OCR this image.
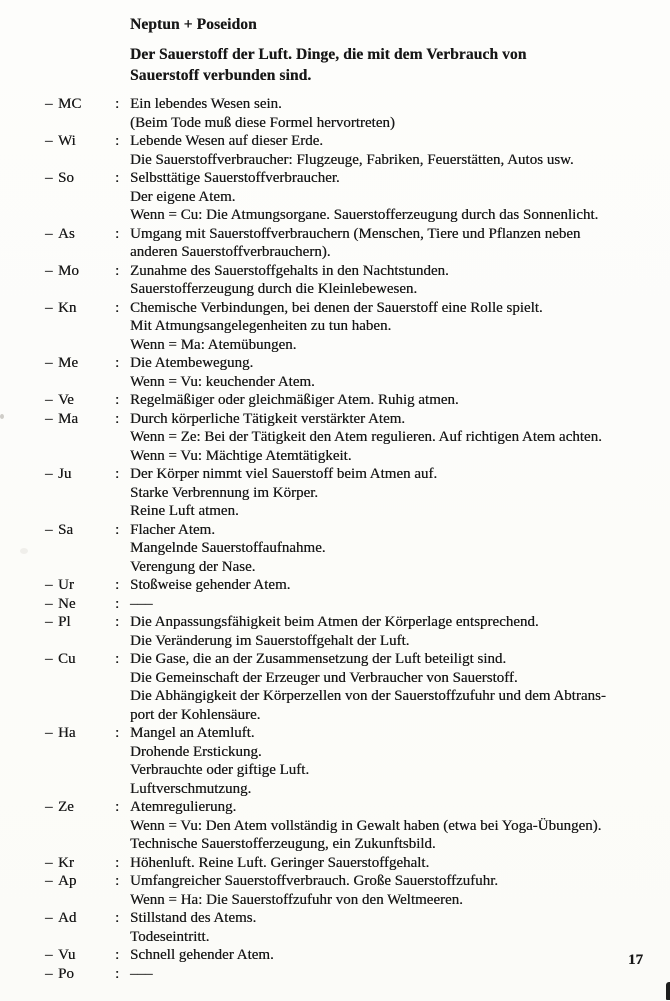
Neptun + Poseidon
Der Sauerstoff der Luft. Dinge, die mit dem Verbrauch von
Sauerstoff verbunden sind.
– MC	: Ein lebendes Wesen sein.
(Beim Tode muß diese Formel hervortreten)
– Wi	: Lebende Wesen auf dieser Erde.
Die Sauerstoffverbraucher: Flugzeuge, Fabriken, Feuerstätten, Autos usw.
– So	: Selbsttätige Sauerstoffverbraucher.
Der eigene Atem.
Wenn = Cu: Die Atmungsorgane. Sauerstofferzeugung durch das Sonnenlicht.
– As	: Umgang mit Sauerstoffverbrauchern (Menschen, Tiere und Pflanzen neben
anderen Sauerstoffverbrauchern).
– Mo	: Zunahme des Sauerstoffgehalts in den Nachtstunden.
Sauerstofferzeugung durch die Kleinlebewesen.
– Kn	: Chemische Verbindungen, bei denen der Sauerstoff eine Rolle spielt.
Mit Atmungsangelegenheiten zu tun haben.
Wenn = Ma: Atemübungen.
– Me	: Die Atembewegung.
Wenn = Vu: keuchender Atem.
– Ve	: Regelmäßiger oder gleichmäßiger Atem. Ruhig atmen.
– Ma	: Durch körperliche Tätigkeit verstärkter Atem.
Wenn = Ze: Bei der Tätigkeit den Atem regulieren. Auf richtigen Atem achten.
Wenn = Vu: Mächtige Atemtätigkeit.
– Ju	: Der Körper nimmt viel Sauerstoff beim Atmen auf.
Starke Verbrennung im Körper.
Reine Luft atmen.
– Sa	: Flacher Atem.
Mangelnde Sauerstoffaufnahme.
Verengung der Nase.
– Ur	: Stoßweise gehender Atem.
– Ne	: –––
– Pl	: Die Anpassungsfähigkeit beim Atmen der Körperlage entsprechend.
Die Veränderung im Sauerstoffgehalt der Luft.
– Cu	: Die Gase, die an der Zusammensetzung der Luft beteiligt sind.
Die Gemeinschaft der Erzeuger und Verbraucher von Sauerstoff.
Die Abhängigkeit der Körperzellen von der Sauerstoffzufuhr und dem Abtrans-
port der Kohlensäure.
– Ha	: Mangel an Atemluft.
Drohende Erstickung.
Verbrauchte oder giftige Luft.
Luftverschmutzung.
– Ze	: Atemregulierung.
Wenn = Vu: Den Atem vollständig in Gewalt haben (etwa bei Yoga-Übungen).
Technische Sauerstofferzeugung, ein Zukunftsbild.
– Kr	: Höhenluft. Reine Luft. Geringer Sauerstoffgehalt.
– Ap	: Umfangreicher Sauerstoffverbrauch. Große Sauerstoffzufuhr.
Wenn = Ha: Die Sauerstoffzufuhr von den Weltmeeren.
– Ad	: Stillstand des Atems.
Todeseintritt.
– Vu	: Schnell gehender Atem.
– Po	: –––
17
